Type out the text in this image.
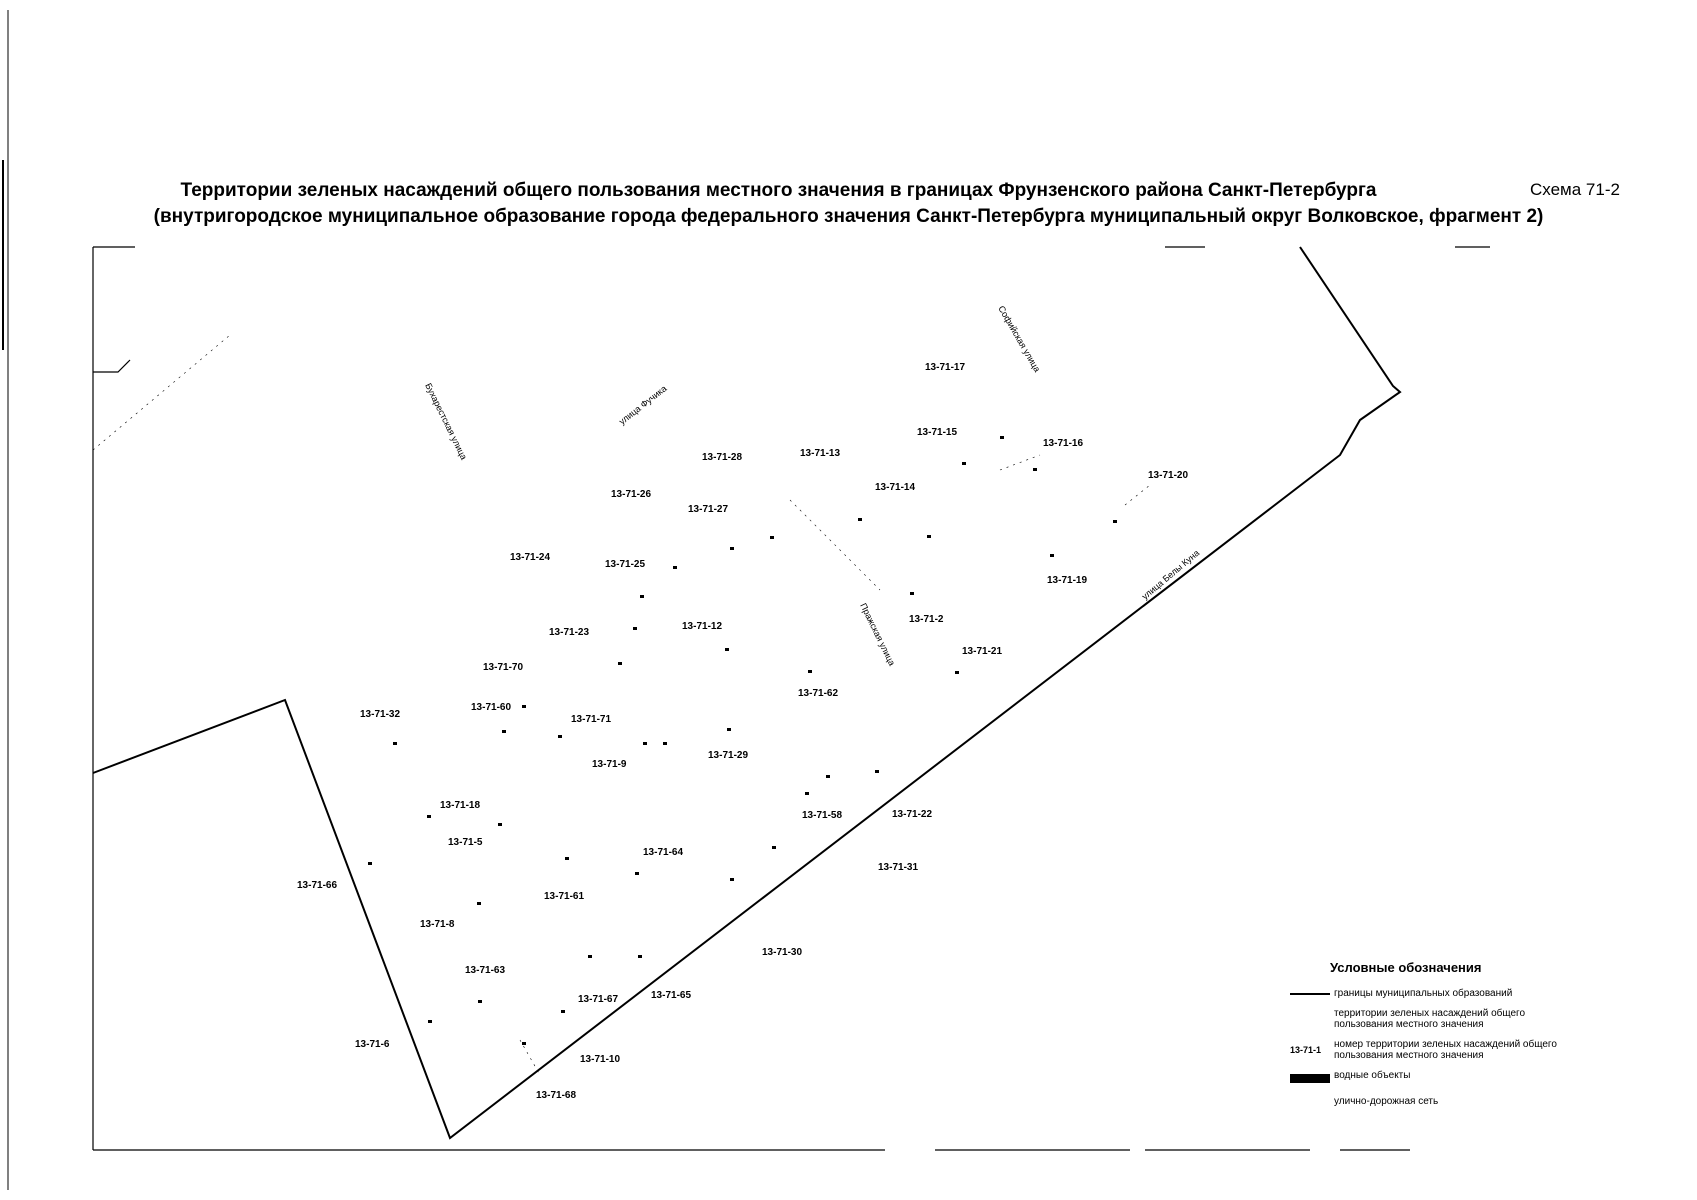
Территории зеленых насаждений общего пользования местного значения в границах Фрунзенского района Санкт-Петербурга
(внутригородское муниципальное образование города федерального значения Санкт-Петербурга муниципальный округ Волковское, фрагмент 2)
Схема 71-2
Бухарестская улица	улица Фучика
Софийская улица
Пражская улица
улица Белы Куна
13-71-17
13-71-15
13-71-16
13-71-20
13-71-28	13-71-13
13-71-14
13-71-26
13-71-27
13-71-24
13-71-25
13-71-19
13-71-23
13-71-12
13-71-2
13-71-21
13-71-70
13-71-62
13-71-32
13-71-60
13-71-71
13-71-29
13-71-9
13-71-18
13-71-58	13-71-22
13-71-5
13-71-64
13-71-31
13-71-66
13-71-61
13-71-8
13-71-30
13-71-63
13-71-67	13-71-65
13-71-6
13-71-10
13-71-68
Условные обозначения
границы муниципальных образований
территории зеленых насаждений общего пользования местного значения
13-71-1	номер территории зеленых насаждений общего пользования местного значения
водные объекты
улично-дорожная сеть
